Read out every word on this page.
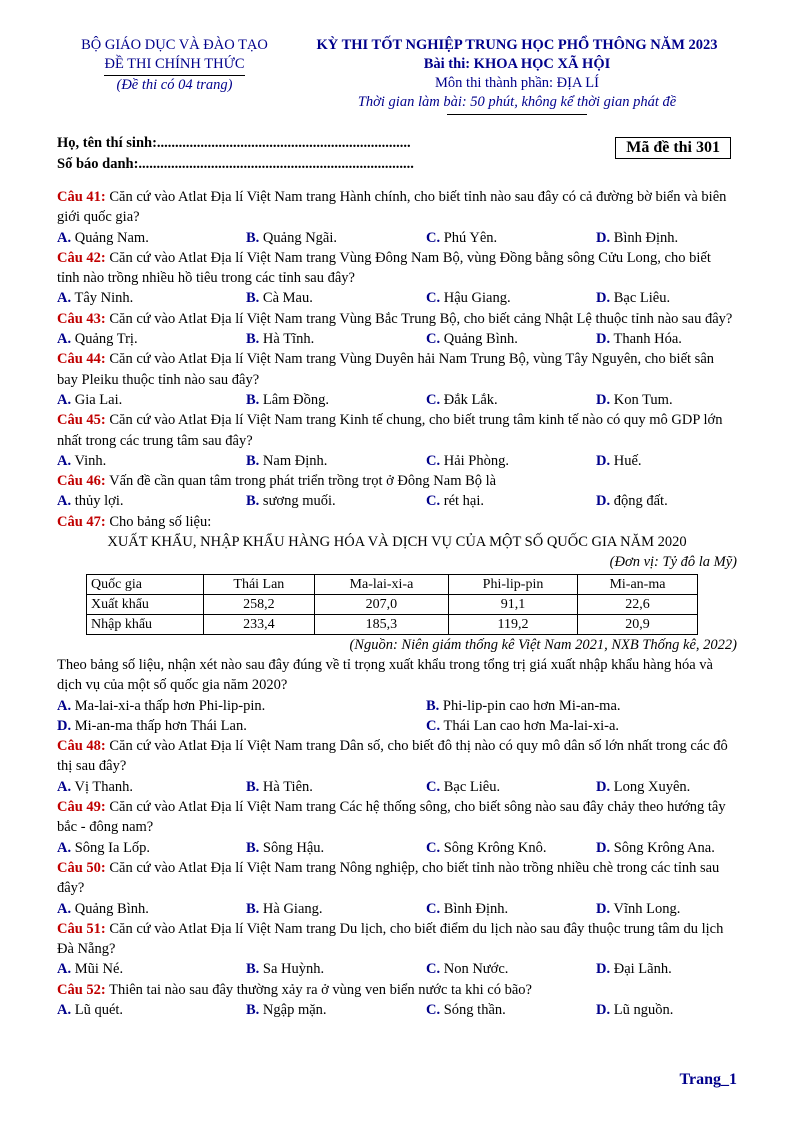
BỘ GIÁO DỤC VÀ ĐÀO TẠO
ĐỀ THI CHÍNH THỨC
(Đề thi có 04 trang)
KỲ THI TỐT NGHIỆP TRUNG HỌC PHỔ THÔNG NĂM 2023
Bài thi: KHOA HỌC XÃ HỘI
Môn thi thành phần: ĐỊA LÍ
Thời gian làm bài: 50 phút, không kể thời gian phát đề
Họ, tên thí sinh:......................................................................
Số báo danh:............................................................................
Mã đề thi 301
Câu 41: Căn cứ vào Atlat Địa lí Việt Nam trang Hành chính, cho biết tỉnh nào sau đây có cả đường bờ biển và biên giới quốc gia?
A. Quảng Nam.	B. Quảng Ngãi.	C. Phú Yên.	D. Bình Định.
Câu 42: Căn cứ vào Atlat Địa lí Việt Nam trang Vùng Đông Nam Bộ, vùng Đồng bằng sông Cửu Long, cho biết tỉnh nào trồng nhiều hồ tiêu trong các tỉnh sau đây?
A. Tây Ninh.	B. Cà Mau.	C. Hậu Giang.	D. Bạc Liêu.
Câu 43: Căn cứ vào Atlat Địa lí Việt Nam trang Vùng Bắc Trung Bộ, cho biết cảng Nhật Lệ thuộc tỉnh nào sau đây?
A. Quảng Trị.	B. Hà Tĩnh.	C. Quảng Bình.	D. Thanh Hóa.
Câu 44: Căn cứ vào Atlat Địa lí Việt Nam trang Vùng Duyên hải Nam Trung Bộ, vùng Tây Nguyên, cho biết sân bay Pleiku thuộc tỉnh nào sau đây?
A. Gia Lai.	B. Lâm Đồng.	C. Đắk Lắk.	D. Kon Tum.
Câu 45: Căn cứ vào Atlat Địa lí Việt Nam trang Kinh tế chung, cho biết trung tâm kinh tế nào có quy mô GDP lớn nhất trong các trung tâm sau đây?
A. Vinh.	B. Nam Định.	C. Hải Phòng.	D. Huế.
Câu 46: Vấn đề cần quan tâm trong phát triển trồng trọt ở Đông Nam Bộ là
A. thủy lợi.	B. sương muối.	C. rét hại.	D. động đất.
Câu 47: Cho bảng số liệu:
XUẤT KHẨU, NHẬP KHẨU HÀNG HÓA VÀ DỊCH VỤ CỦA MỘT SỐ QUỐC GIA NĂM 2020
(Đơn vị: Tỷ đô la Mỹ)
Quốc gia	Thái Lan	Ma-lai-xi-a	Phi-lip-pin	Mi-an-ma
Xuất khẩu	258,2	207,0	91,1	22,6
Nhập khẩu	233,4	185,3	119,2	20,9
(Nguồn: Niên giám thống kê Việt Nam 2021, NXB Thống kê, 2022)
Theo bảng số liệu, nhận xét nào sau đây đúng về tỉ trọng xuất khẩu trong tổng trị giá xuất nhập khẩu hàng hóa và dịch vụ của một số quốc gia năm 2020?
A. Ma-lai-xi-a thấp hơn Phi-lip-pin.	B. Phi-lip-pin cao hơn Mi-an-ma.
D. Mi-an-ma thấp hơn Thái Lan.	C. Thái Lan cao hơn Ma-lai-xi-a.
Câu 48: Căn cứ vào Atlat Địa lí Việt Nam trang Dân số, cho biết đô thị nào có quy mô dân số lớn nhất trong các đô thị sau đây?
A. Vị Thanh.	B. Hà Tiên.	C. Bạc Liêu.	D. Long Xuyên.
Câu 49: Căn cứ vào Atlat Địa lí Việt Nam trang Các hệ thống sông, cho biết sông nào sau đây chảy theo hướng tây bắc - đông nam?
A. Sông Ia Lốp.	B. Sông Hậu.	C. Sông Krông Knô.	D. Sông Krông Ana.
Câu 50: Căn cứ vào Atlat Địa lí Việt Nam trang Nông nghiệp, cho biết tỉnh nào trồng nhiều chè trong các tỉnh sau đây?
A. Quảng Bình.	B. Hà Giang.	C. Bình Định.	D. Vĩnh Long.
Câu 51: Căn cứ vào Atlat Địa lí Việt Nam trang Du lịch, cho biết điểm du lịch nào sau đây thuộc trung tâm du lịch Đà Nẵng?
A. Mũi Né.	B. Sa Huỳnh.	C. Non Nước.	D. Đại Lãnh.
Câu 52: Thiên tai nào sau đây thường xảy ra ở vùng ven biển nước ta khi có bão?
A. Lũ quét.	B. Ngập mặn.	C. Sóng thần.	D. Lũ nguồn.
Trang_1
